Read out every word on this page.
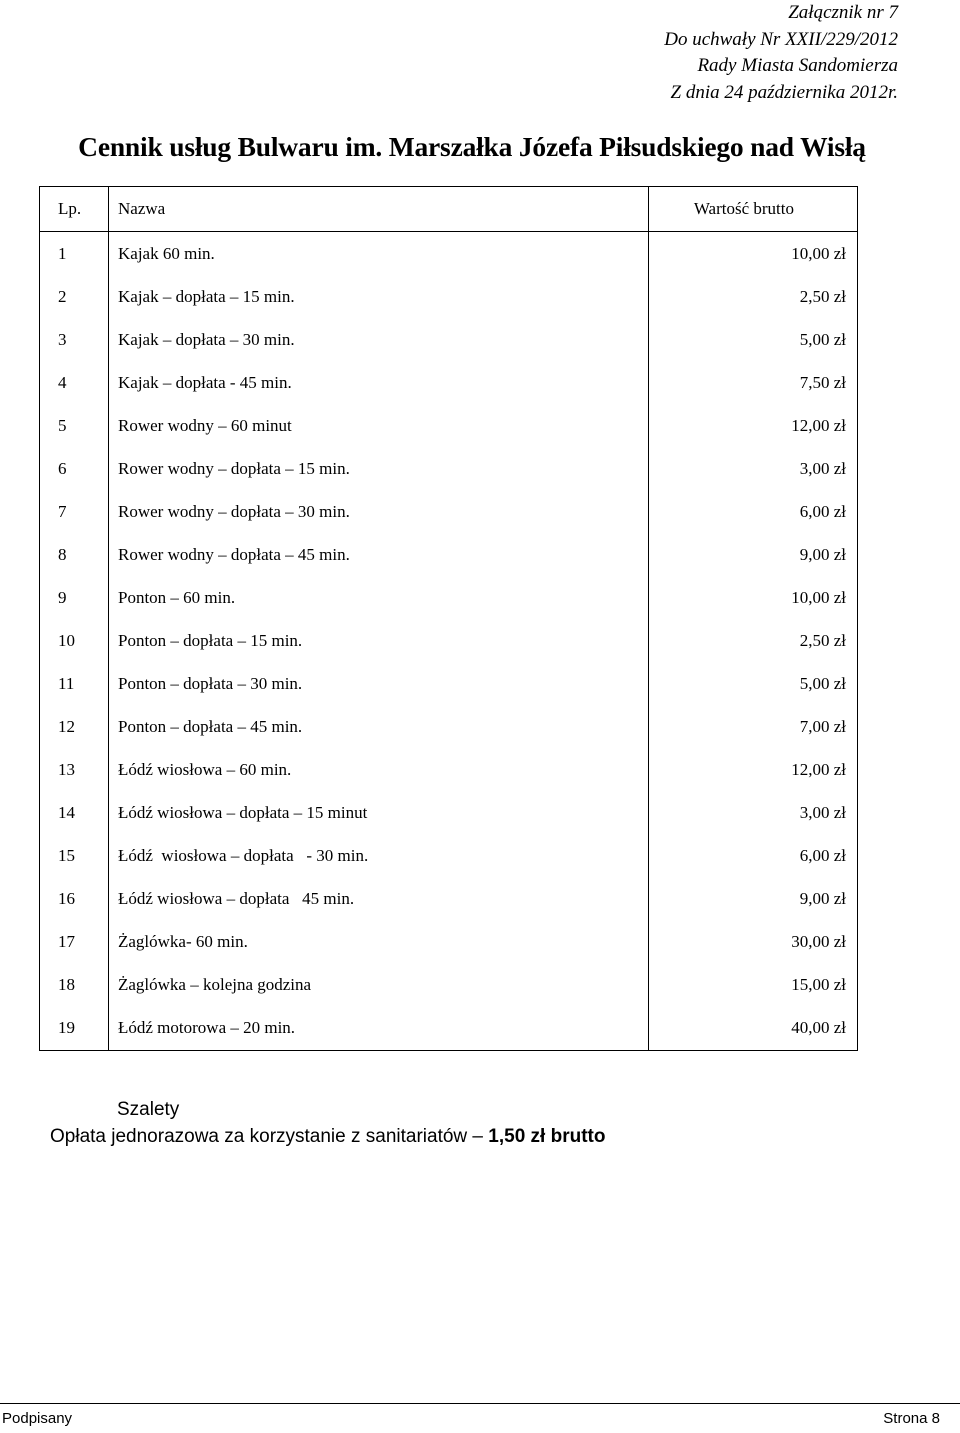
Załącznik nr 7
Do uchwały Nr XXII/229/2012
Rady Miasta Sandomierza
Z dnia 24 października 2012r.
Cennik usług Bulwaru im. Marszałka Józefa Piłsudskiego nad Wisłą
Lp.	Nazwa	Wartość brutto
1	Kajak 60 min.	10,00 zł
2	Kajak – dopłata – 15 min.	2,50 zł
3	Kajak – dopłata – 30 min.	5,00 zł
4	Kajak – dopłata - 45 min.	7,50 zł
5	Rower wodny – 60 minut	12,00 zł
6	Rower wodny – dopłata – 15 min.	3,00 zł
7	Rower wodny – dopłata – 30 min.	6,00 zł
8	Rower wodny – dopłata – 45 min.	9,00 zł
9	Ponton – 60 min.	10,00 zł
10	Ponton – dopłata – 15 min.	2,50 zł
11	Ponton – dopłata – 30 min.	5,00 zł
12	Ponton – dopłata – 45 min.	7,00 zł
13	Łódź wiosłowa – 60 min.	12,00 zł
14	Łódź wiosłowa – dopłata – 15 minut	3,00 zł
15	Łódź  wiosłowa – dopłata   - 30 min.	6,00 zł
16	Łódź wiosłowa – dopłata   45 min.	9,00 zł
17	Żaglówka- 60 min.	30,00 zł
18	Żaglówka – kolejna godzina	15,00 zł
19	Łódź motorowa – 20 min.	40,00 zł
Szalety
Opłata jednorazowa za korzystanie z sanitariatów – 1,50 zł brutto
Podpisany	Strona 8
